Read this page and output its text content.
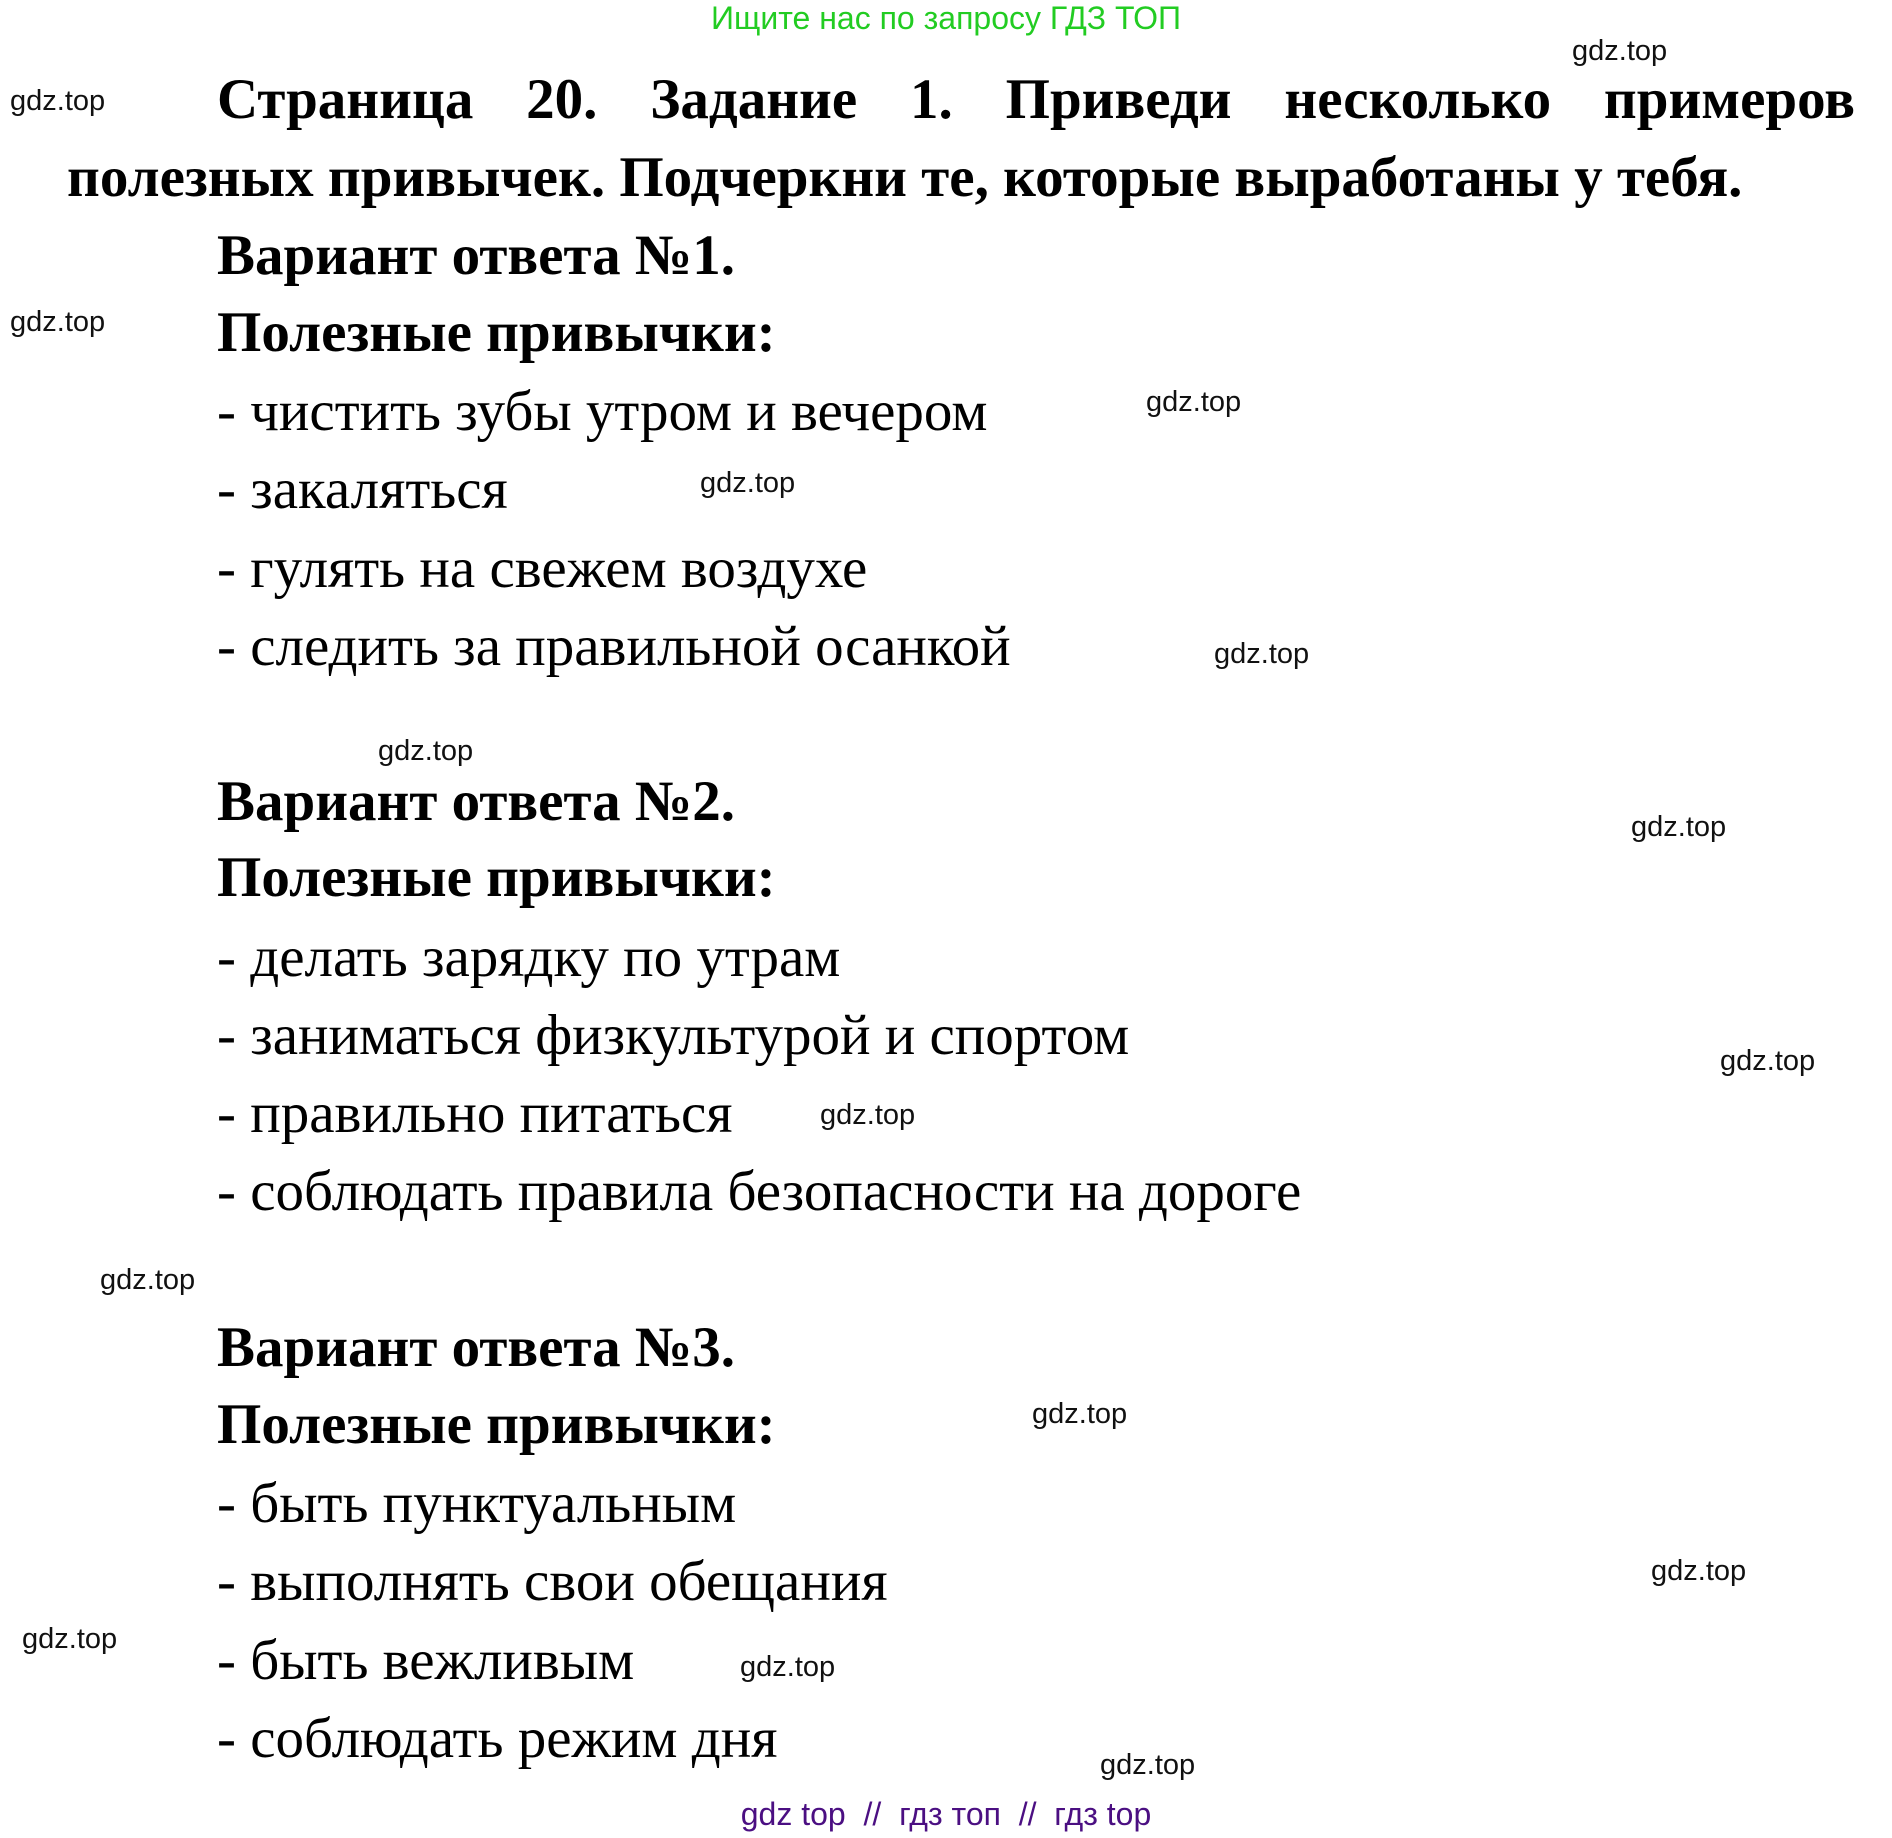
Ищите нас по запросу ГДЗ ТОП
Страница 20. Задание 1. Приведи несколько примеров
полезных привычек. Подчеркни те, которые выработаны у тебя.
Вариант ответа №1.
Полезные привычки:
- чистить зубы утром и вечером
- закаляться
- гулять на свежем воздухе
- следить за правильной осанкой
Вариант ответа №2.
Полезные привычки:
- делать зарядку по утрам
- заниматься физкультурой и спортом
- правильно питаться
- соблюдать правила безопасности на дороге
Вариант ответа №3.
Полезные привычки:
- быть пунктуальным
- выполнять свои обещания
- быть вежливым
- соблюдать режим дня
gdz.top
gdz.top
gdz.top
gdz.top
gdz.top
gdz.top
gdz.top
gdz.top
gdz.top
gdz.top
gdz.top
gdz.top
gdz.top
gdz.top
gdz.top
gdz.top
gdz top  //  гдз топ  //  гдз top
